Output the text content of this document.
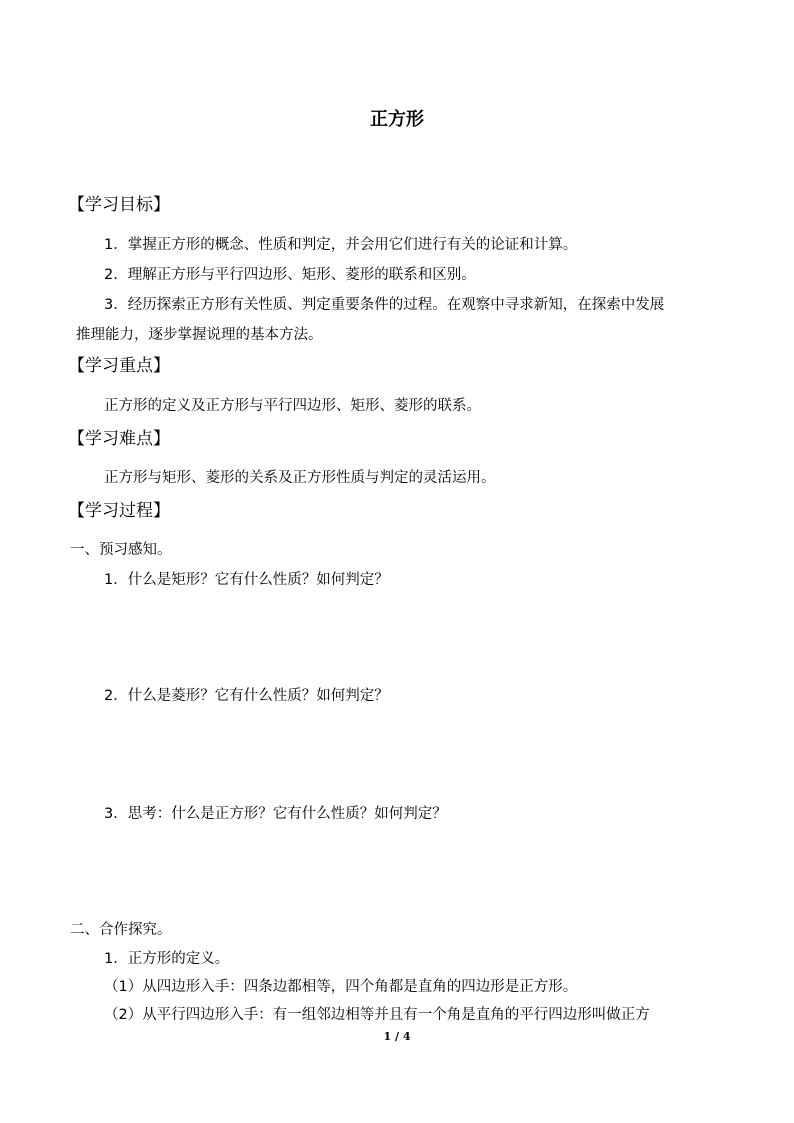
正方形
【学习目标】
1．掌握正方形的概念、性质和判定，并会用它们进行有关的论证和计算。
2．理解正方形与平行四边形、矩形、菱形的联系和区别。
3．经历探索正方形有关性质、判定重要条件的过程。在观察中寻求新知，在探索中发展
推理能力，逐步掌握说理的基本方法。
【学习重点】
正方形的定义及正方形与平行四边形、矩形、菱形的联系。
【学习难点】
正方形与矩形、菱形的关系及正方形性质与判定的灵活运用。
【学习过程】
一、预习感知。
1．什么是矩形？它有什么性质？如何判定？
2．什么是菱形？它有什么性质？如何判定？
3．思考：什么是正方形？它有什么性质？如何判定？
二、合作探究。
1．正方形的定义。
（1）从四边形入手：四条边都相等，四个角都是直角的四边形是正方形。
（2）从平行四边形入手：有一组邻边相等并且有一个角是直角的平行四边形叫做正方
1 / 4
